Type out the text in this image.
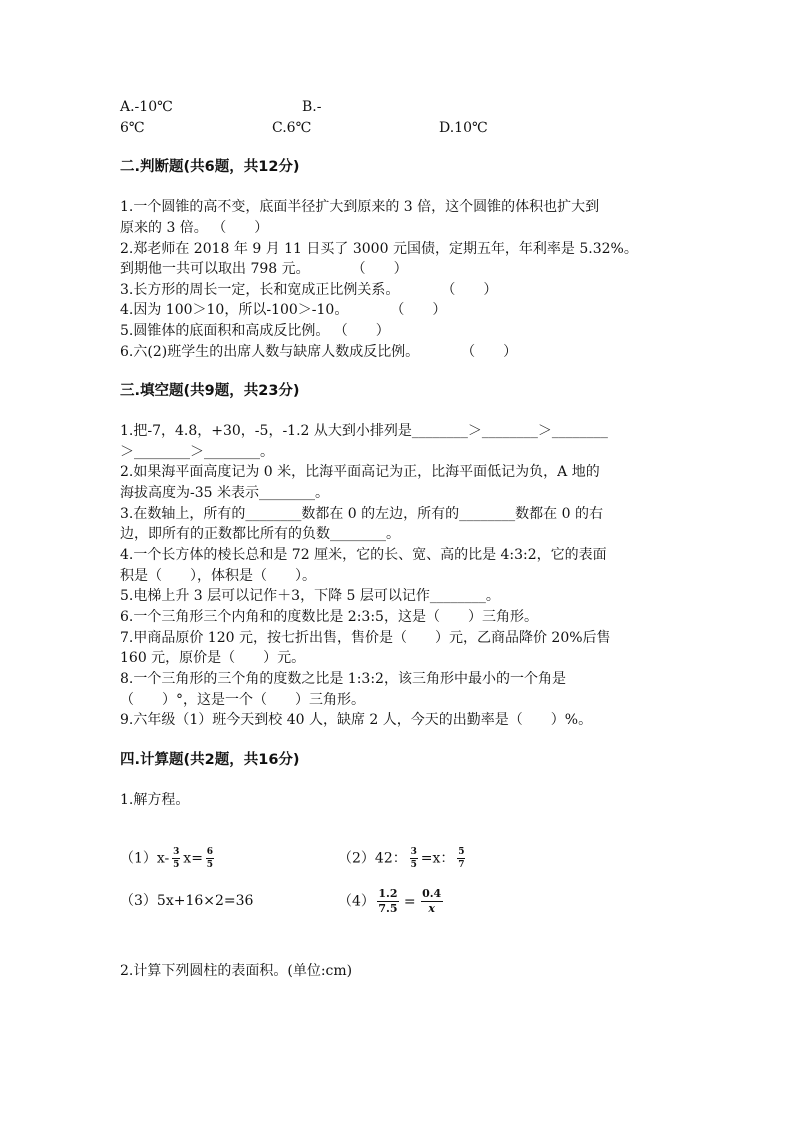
A.-10℃	B.-
6℃	C.6℃	D.10℃
二.判断题(共6题，共12分)
1.一个圆锥的高不变，底面半径扩大到原来的 3 倍，这个圆锥的体积也扩大到
原来的 3 倍。 （　　）
2.郑老师在 2018 年 9 月 11 日买了 3000 元国债，定期五年，年利率是 5.32%。
到期他一共可以取出 798 元。　　　　（　　）
3.长方形的周长一定，长和宽成正比例关系。　　　　（　　）
4.因为 100＞10，所以-100＞-10。　　　　（　　）
5.圆锥体的底面积和高成反比例。 （　　）
6.六(2)班学生的出席人数与缺席人数成反比例。　　　　（　　）
三.填空题(共9题，共23分)
1.把-7，4.8，+30，-5，-1.2 从大到小排列是________＞________＞________
＞________＞________。
2.如果海平面高度记为 0 米，比海平面高记为正，比海平面低记为负，A 地的
海拔高度为-35 米表示________。
3.在数轴上，所有的________数都在 0 的左边，所有的________数都在 0 的右
边，即所有的正数都比所有的负数________。
4.一个长方体的棱长总和是 72 厘米，它的长、宽、高的比是 4:3:2，它的表面
积是（　　），体积是（　　）。
5.电梯上升 3 层可以记作＋3，下降 5 层可以记作________。
6.一个三角形三个内角和的度数比是 2:3:5，这是（　　）三角形。
7.甲商品原价 120 元，按七折出售，售价是（　　）元，乙商品降价 20%后售
160 元，原价是（　　）元。
8.一个三角形的三个角的度数之比是 1:3:2，该三角形中最小的一个角是
（　　）°，这是一个（　　）三角形。
9.六年级（1）班今天到校 40 人，缺席 2 人，今天的出勤率是（　　）%。
四.计算题(共2题，共16分)
1.解方程。
$(1)x- \frac{3}{5} x= \frac{6}{5}$	（2）42： $\frac{3}{5} =x$： $\frac{5}{7}$
（3）5x+16×2=36	$(4) \frac{1.2}{7.5} = \frac{0.4}{x}$
2.计算下列圆柱的表面积。(单位:cm)
